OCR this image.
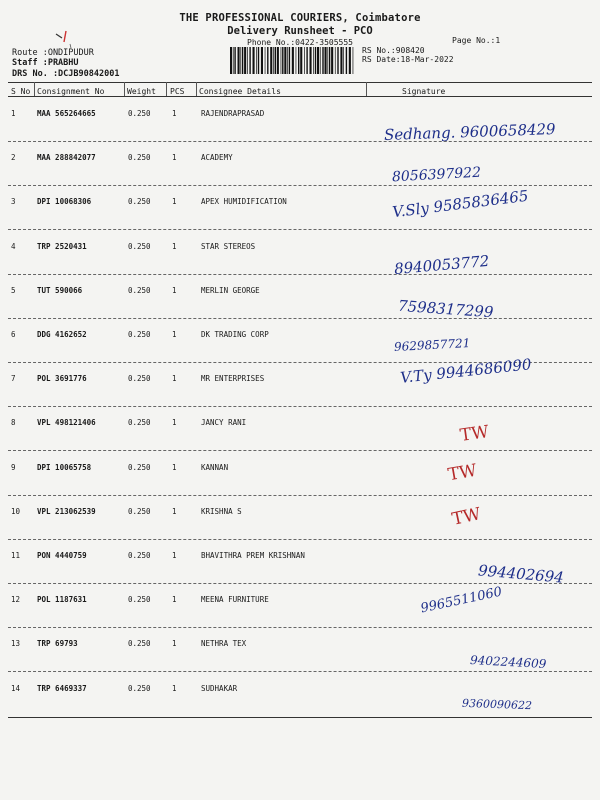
THE PROFESSIONAL COURIERS, Coimbatore
Delivery Runsheet - PCO
Phone No.:0422-3505555	Page No.:1
RS No.:908420
RS Date:18-Mar-2022
Route :ONDIPUDUR
Staff :PRABHU
DRS No. :DCJB90842001
S No Consignment No	Weight PCS Consignee Details	Signature
1	MAA 565264665	0.250	1	RAJENDRAPRASAD
Sedhang. 9600658429
2	MAA 288842077	0.250	1	ACADEMY
8056397922
3	DPI 10068306	0.250	1	APEX HUMIDIFICATION	V.Sly 9585836465
4	TRP 2520431	0.250	1	STAR STEREOS
8940053772
5	TUT 590066	0.250	1	MERLIN GEORGE
7598317299
6	DDG 4162652	0.250	1	DK TRADING CORP
9629857721
7	POL 3691776	0.250	1	MR ENTERPRISES	V.Ty 9944686090
8	VPL 498121406	0.250	1	JANCY RANI	TW
9	DPI 10065758	0.250	1	KANNAN	TW
10 VPL 213062539	0.250	1	KRISHNA S	TW
11 PON 4440759	0.250	1	BHAVITHRA PREM KRISHNAN
994402694
12 POL 1187631	0.250	1	MEENA FURNITURE	9965511060
13 TRP 69793	0.250	1	NETHRA TEX
9402244609
14 TRP 6469337	0.250	1	SUDHAKAR
9360090622
